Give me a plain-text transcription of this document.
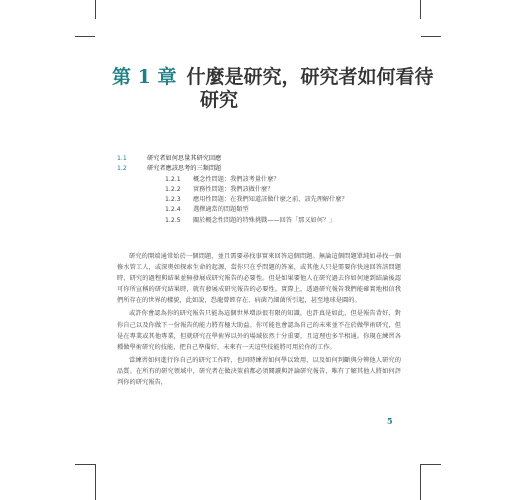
第 1 章 什麼是研究，研究者如何看待
研究
1.1	研究者如何思量其研究回應
1.2	研究者應該思考的三類問題
1.2.1 概念性問題：我們該考量什麼？
1.2.2 實務性問題：我們該做什麼？
1.2.3 應用性問題：在我們知道該做什麼之前，該先理解什麼？
1.2.4 選擇適當的問題類型
1.2.5 關於概念性問題的特殊挑戰——回答「那又如何？」

研究的開端通常始於一個問題，並且需要尋找事實來回答這個問題。無論這個問題單純如尋找一個修水管工人，或深奧如探索生命的起源，當你只在乎問題的答案，或其他人只是需要你快速回答該問題時，研究的過程與結果並無發展成研究報告的必要性。但是如果要他人在研究過去你如何達到結論後認可你所宣稱的研究結果時，就有發展成研究報告的必要性。實際上，透過研究報告我們能確實地相信我們所存在的世界的樣貌，此如說，恐龍曾經存在、病菌乃細菌所引起，甚至地球是圓的。

或許你會認為你的研究報告只能為這個世界增添很有限的知識，也許真是如此，但是報告背好，對你自己以及你做下一份報告的能力將有極大助益。你可能也會認為自己的未來並不在於做學術研究，但是在專業或其他專業，但就研究在學術界以外的場域依然十分重要，且這理也多半相通。你現在練習各種做學術研究的技能，把自己準備好，未來有一天這些技能將可用於你的工作。

當練習如何進行你自己的研究工作時，也同時練習如何學以致用，以及如何判斷與分辨他人研究的品質。在所有的研究領域中，研究者在做決策前都必須閱讀與評論研究報告，唯有了解其他人將如何評判你的研究報告，

5
